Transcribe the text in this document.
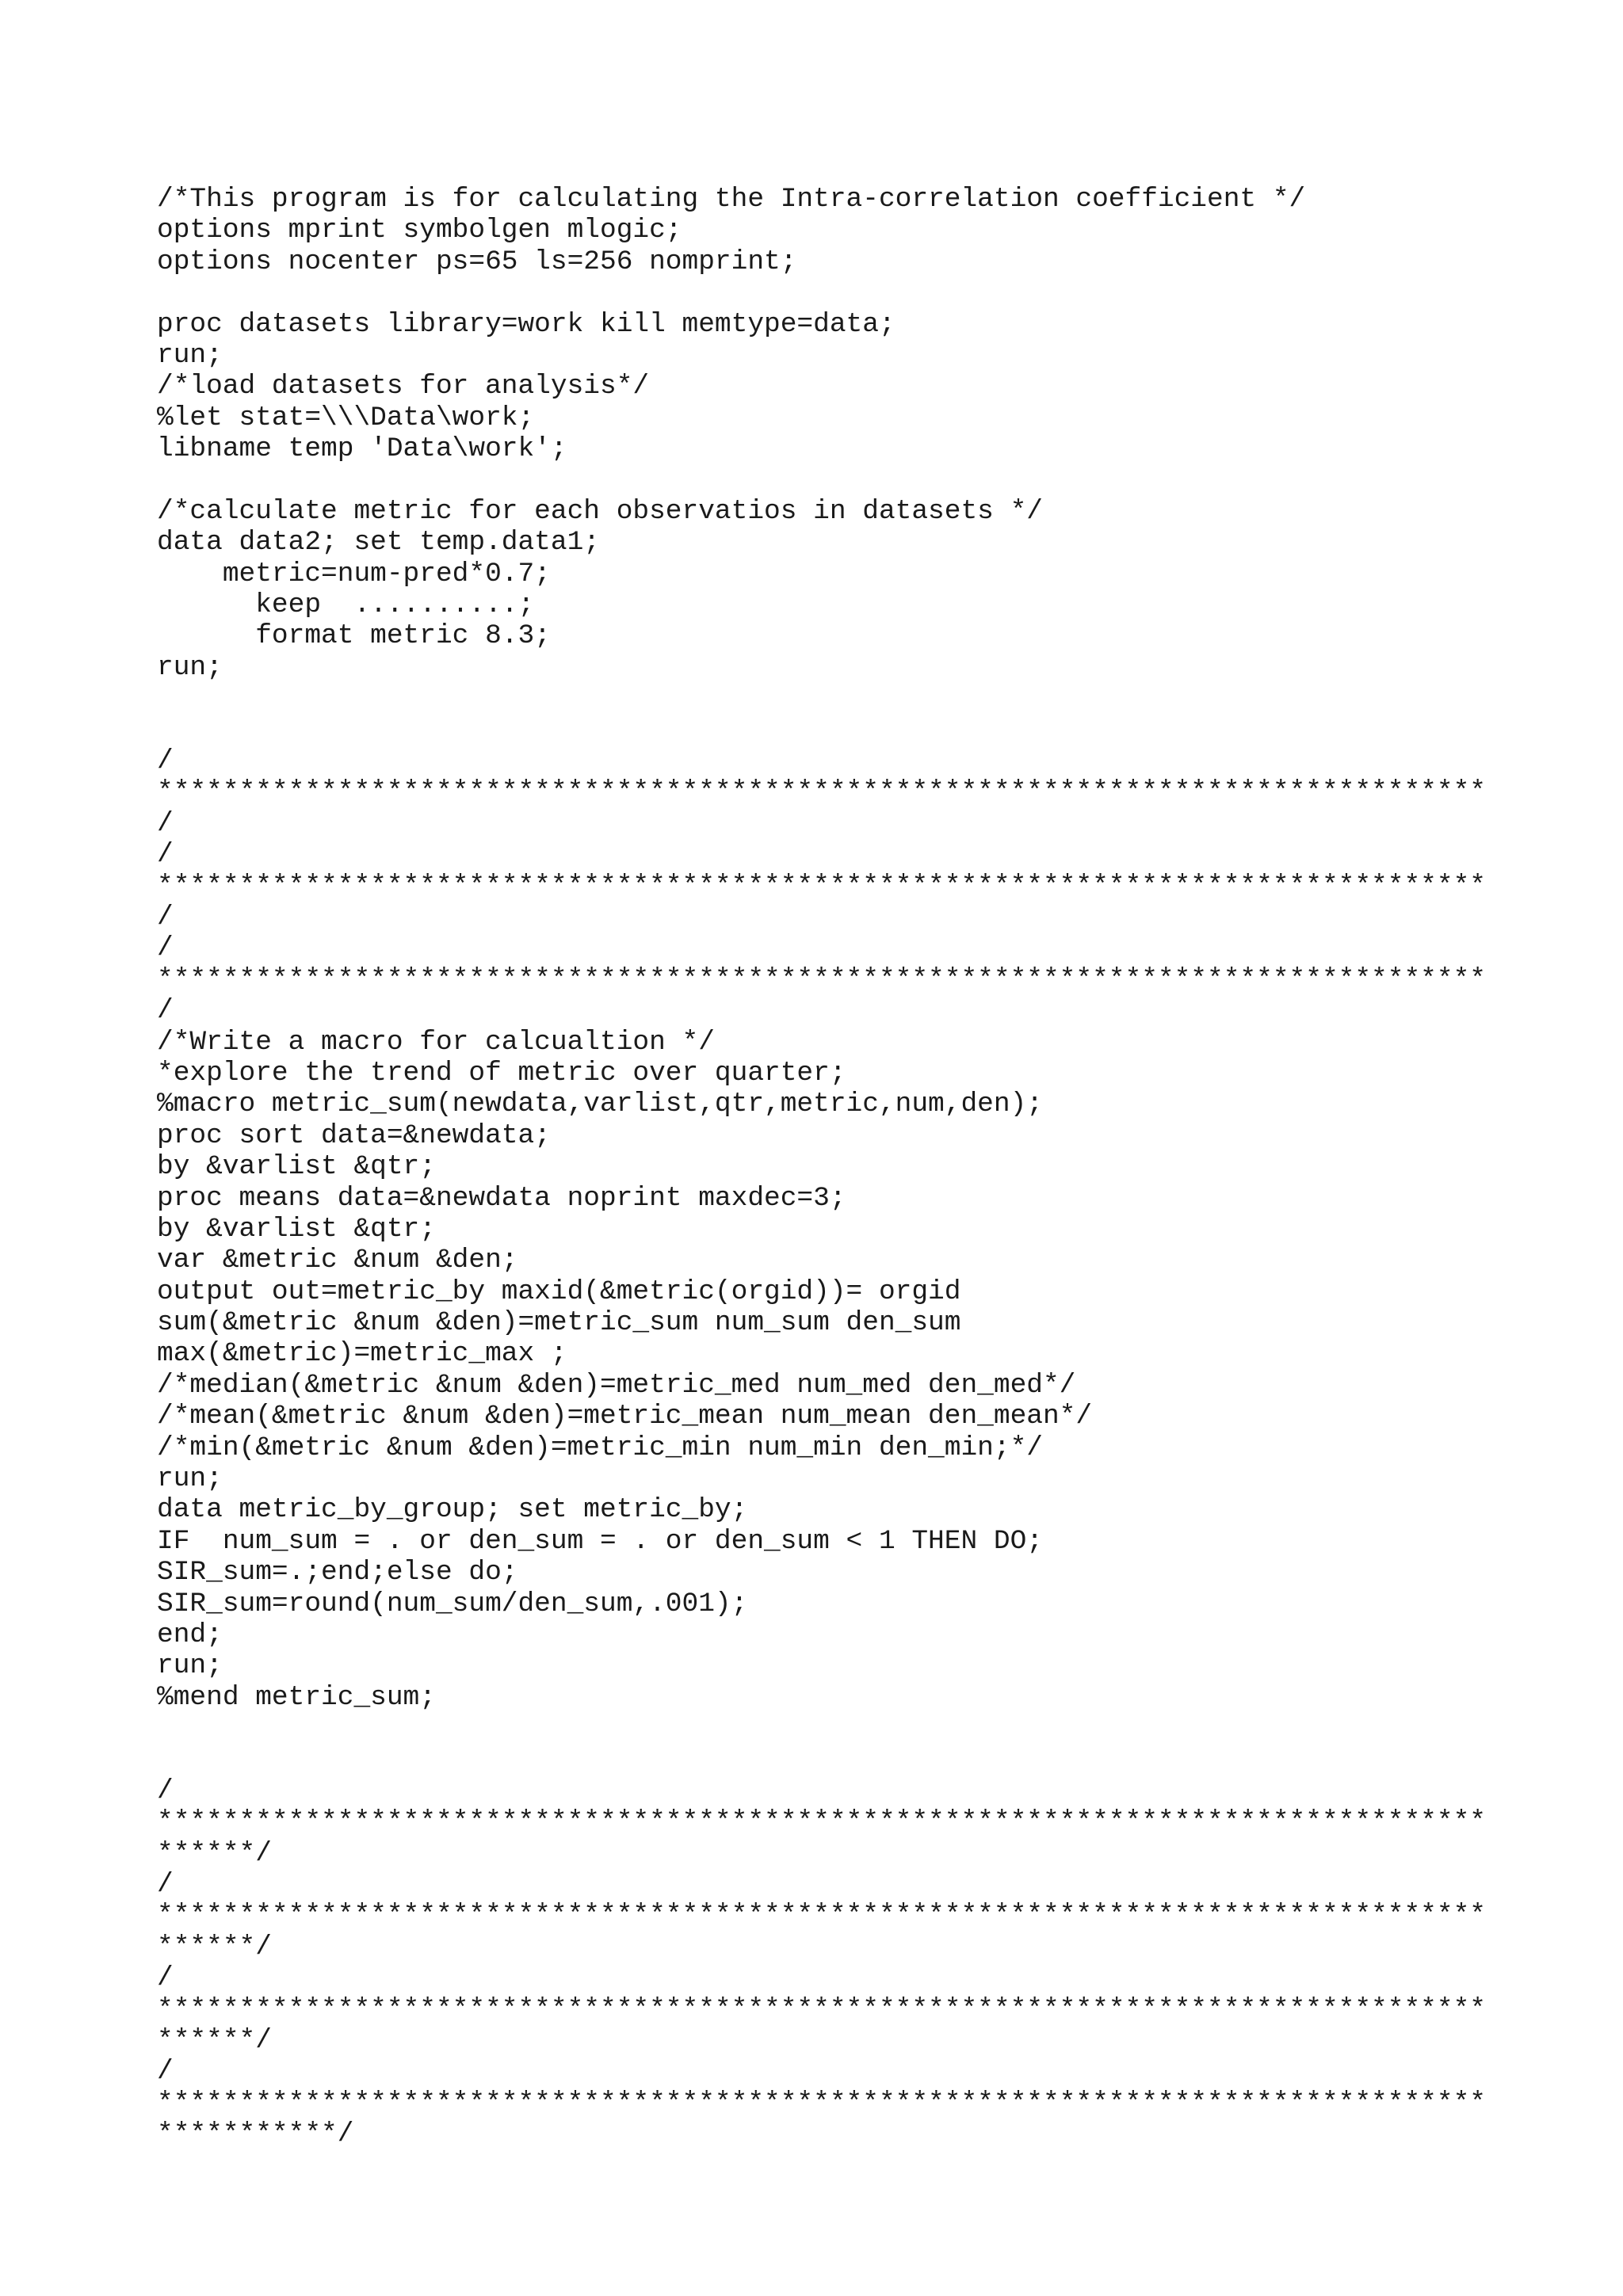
/*This program is for calculating the Intra-correlation coefficient */
options mprint symbolgen mlogic;
options nocenter ps=65 ls=256 nomprint;

proc datasets library=work kill memtype=data;
run;
/*load datasets for analysis*/
%let stat=\\\Data\work;
libname temp 'Data\work';

/*calculate metric for each observatios in datasets */
data data2; set temp.data1;
metric=num-pred*0.7;
keep  ..........;
format metric 8.3;
run;

/
*********************************************************************************
/
/
*********************************************************************************
/
/
*********************************************************************************
/
/*Write a macro for calcualtion */
*explore the trend of metric over quarter;
%macro metric_sum(newdata,varlist,qtr,metric,num,den);
proc sort data=&newdata;
by &varlist &qtr;
proc means data=&newdata noprint maxdec=3;
by &varlist &qtr;
var &metric &num &den;
output out=metric_by maxid(&metric(orgid))= orgid
sum(&metric &num &den)=metric_sum num_sum den_sum
max(&metric)=metric_max ;
/*median(&metric &num &den)=metric_med num_med den_med*/
/*mean(&metric &num &den)=metric_mean num_mean den_mean*/
/*min(&metric &num &den)=metric_min num_min den_min;*/
run;
data metric_by_group; set metric_by;
IF  num_sum = . or den_sum = . or den_sum < 1 THEN DO;
SIR_sum=.;end;else do;
SIR_sum=round(num_sum/den_sum,.001);
end;
run;
%mend metric_sum;

/
*********************************************************************************
******/
/
*********************************************************************************
******/
/
*********************************************************************************
******/
/
*********************************************************************************
***********/
